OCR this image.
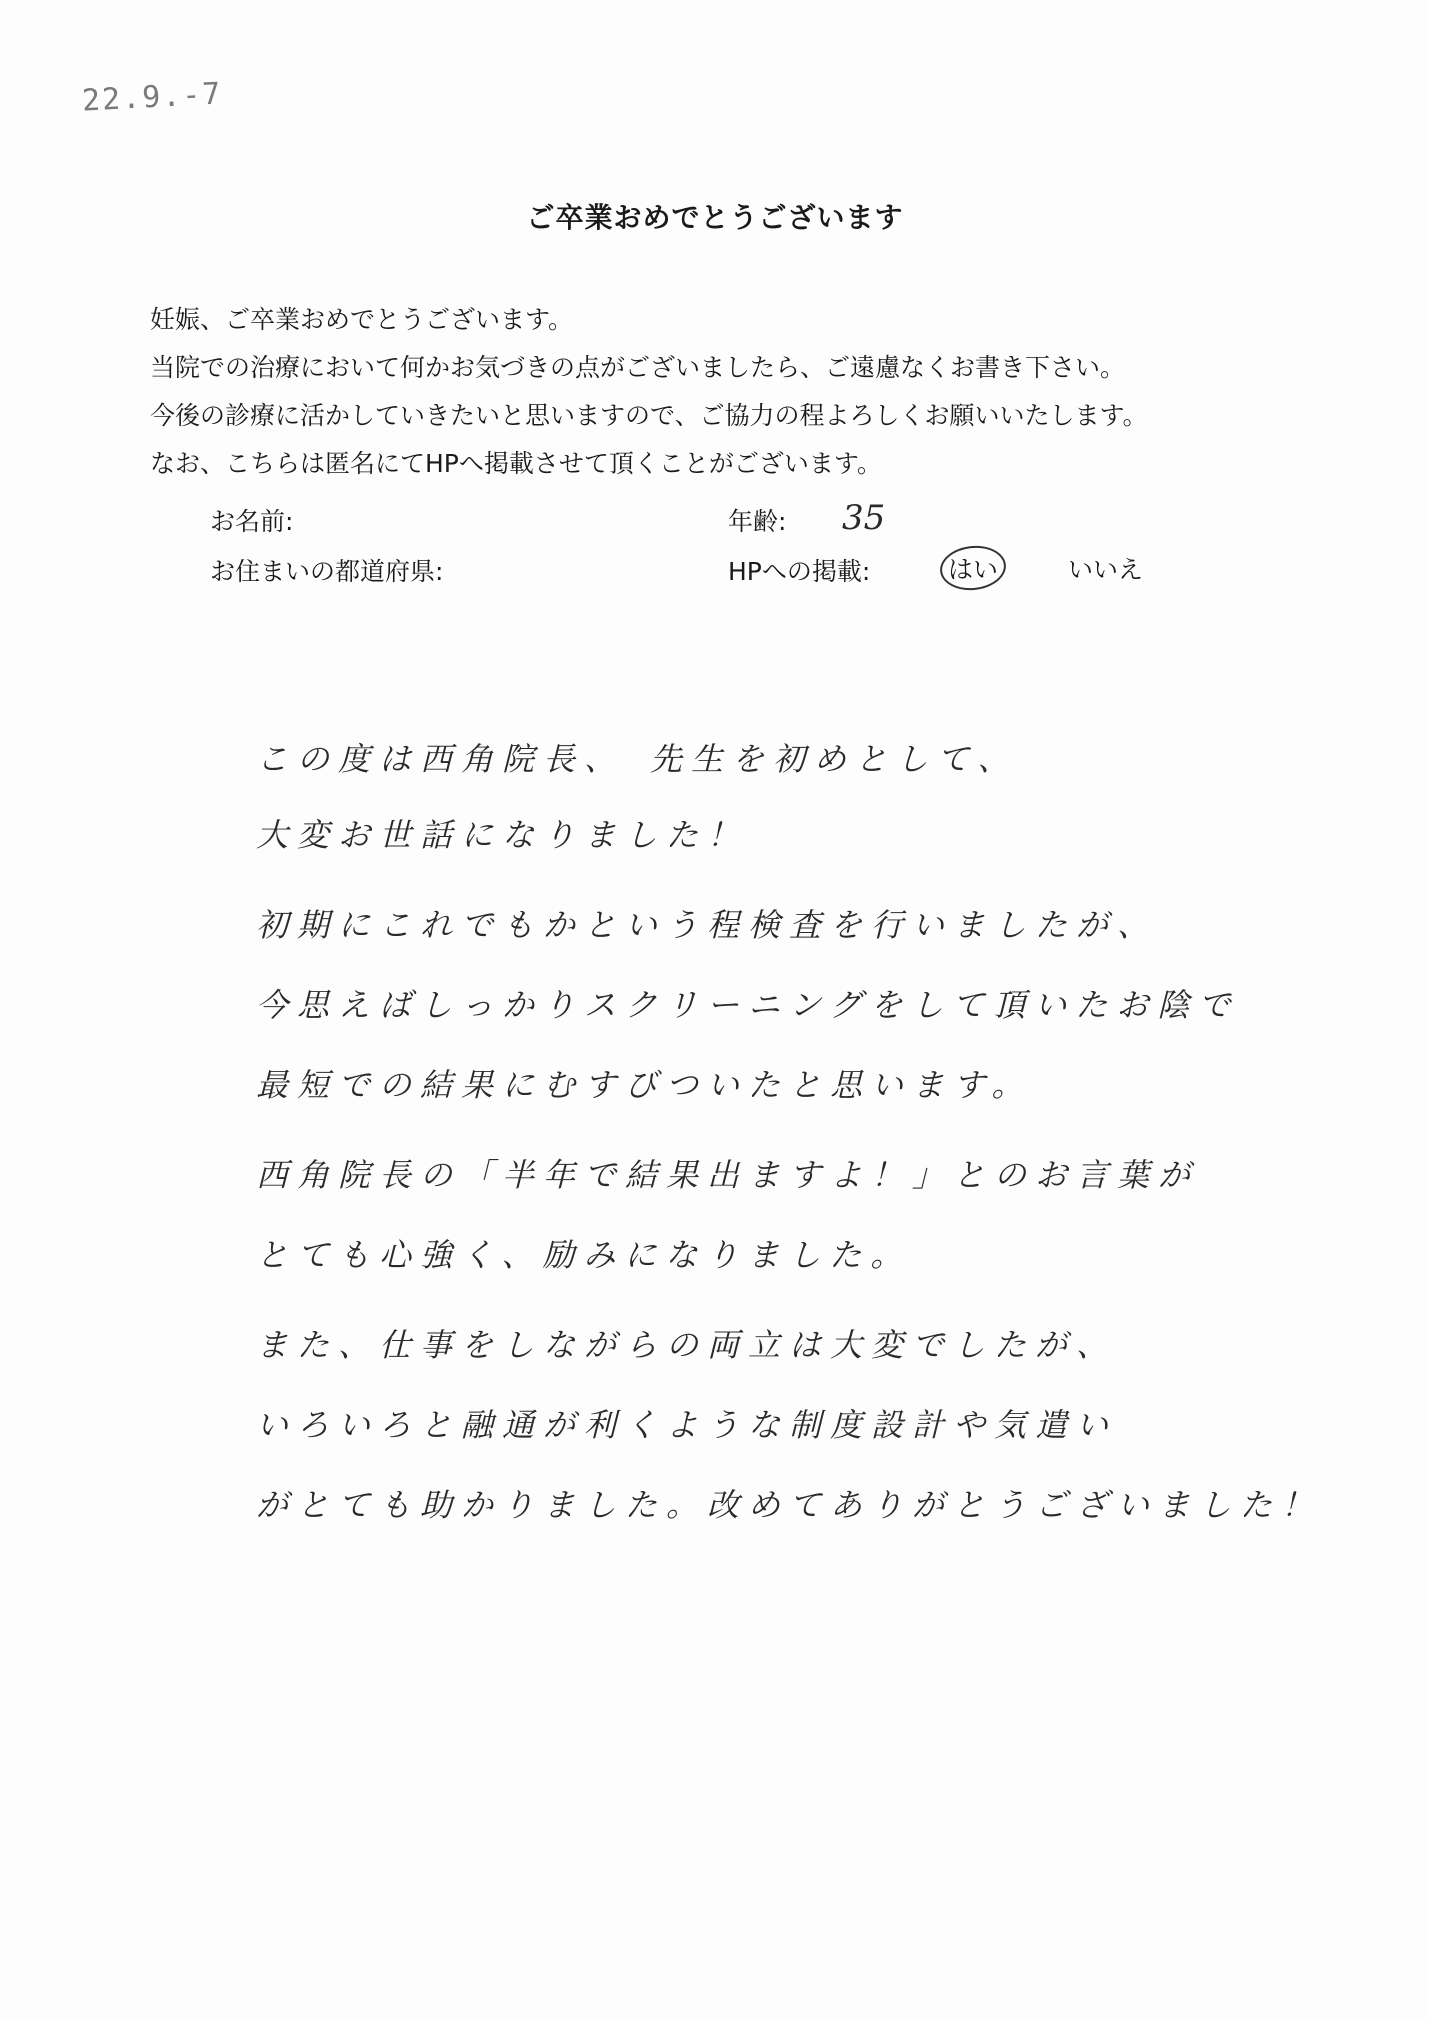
22.9.-7
ご卒業おめでとうございます
妊娠、ご卒業おめでとうございます。
当院での治療において何かお気づきの点がございましたら、ご遠慮なくお書き下さい。
今後の診療に活かしていきたいと思いますので、ご協力の程よろしくお願いいたします。
なお、こちらは匿名にてHPへ掲載させて頂くことがございます。
お名前:	年齢: 35
お住まいの都道府県:	HPへの掲載:	はい	いいえ
この度は西角院長、　先生を初めとして、
大変お世話になりました！
初期にこれでもかという程検査を行いましたが、
今思えばしっかりスクリーニングをして頂いたお陰で
最短での結果にむすびついたと思います。
西角院長の「半年で結果出ますよ！」とのお言葉が
とても心強く、励みになりました。
また、仕事をしながらの両立は大変でしたが、
いろいろと融通が利くような制度設計や気遣い
がとても助かりました。改めてありがとうございました！
